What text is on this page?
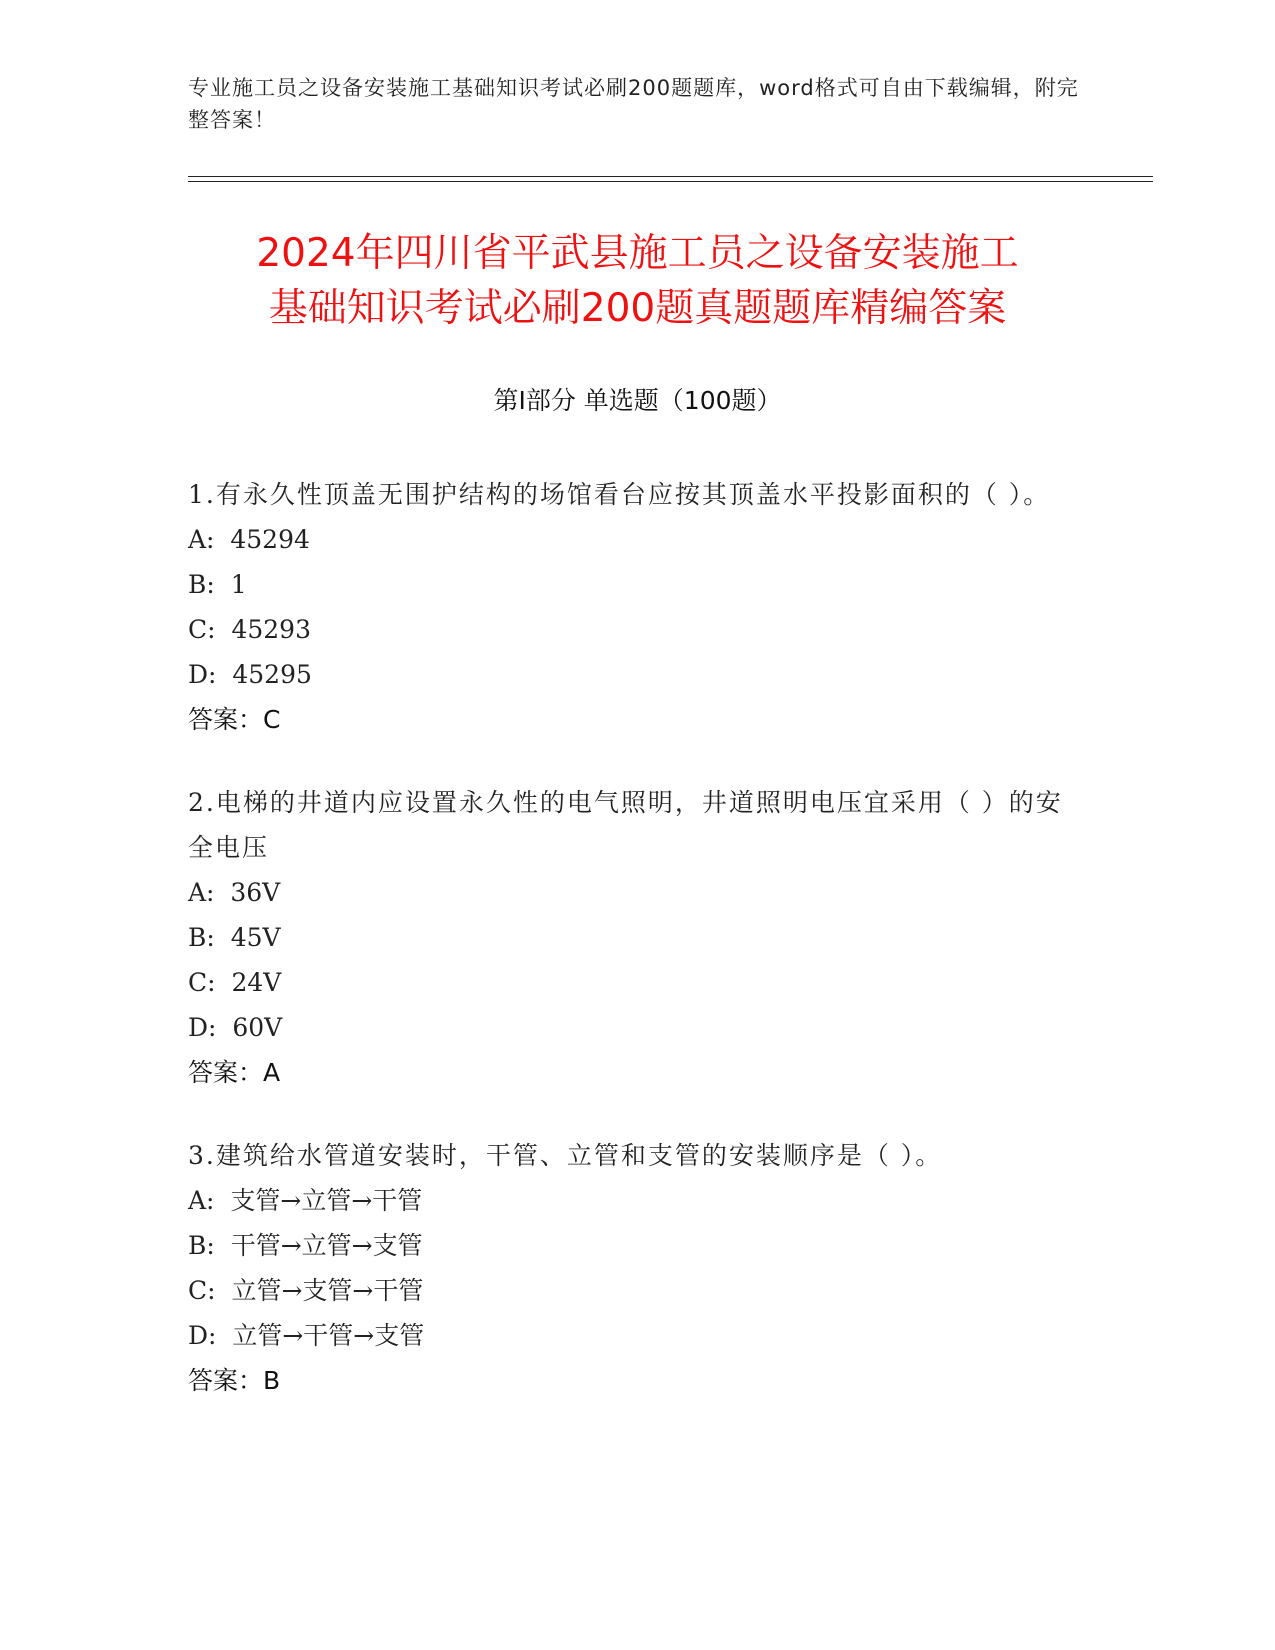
专业施工员之设备安装施工基础知识考试必刷200题题库，word格式可自由下载编辑，附完整答案！
2024年四川省平武县施工员之设备安装施工
基础知识考试必刷200题真题题库精编答案
第Ⅰ部分 单选题（100题）
1.有永久性顶盖无围护结构的场馆看台应按其顶盖水平投影面积的（ ）。
A:  45294
B:  1
C:  45293
D:  45295
答案：C
2.电梯的井道内应设置永久性的电气照明，井道照明电压宜采用（ ）的安全电压
A:  36V
B:  45V
C:  24V
D:  60V
答案：A
3.建筑给水管道安装时，干管、立管和支管的安装顺序是（ ）。
A:  支管→立管→干管
B:  干管→立管→支管
C:  立管→支管→干管
D:  立管→干管→支管
答案：B
